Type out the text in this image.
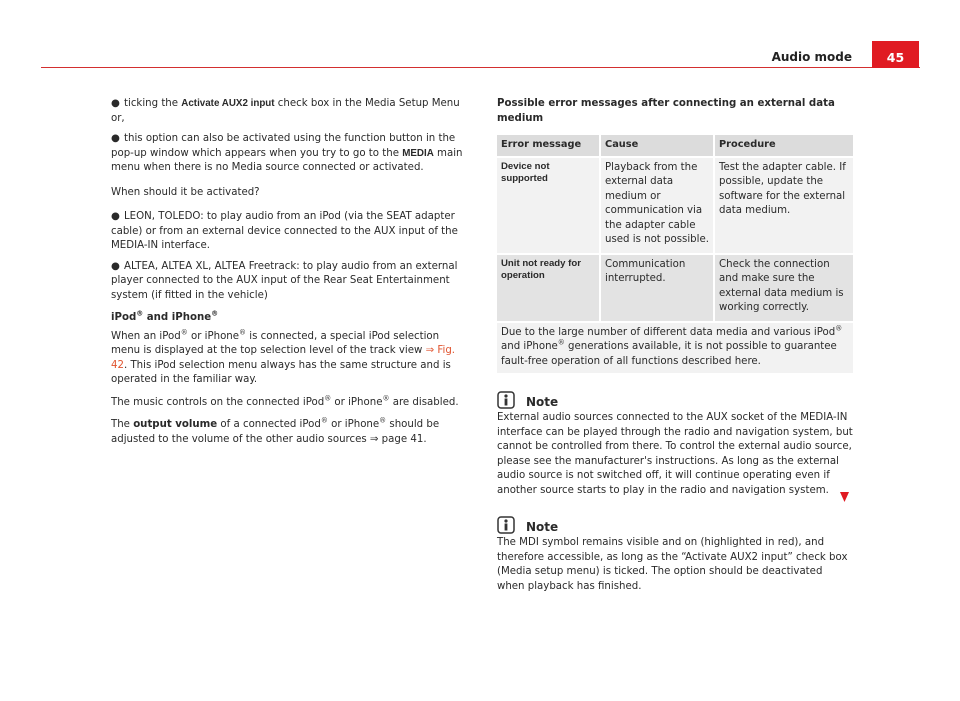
Audio mode	45

● ticking the Activate AUX2 input check box in the Media Setup Menu or,

● this option can also be activated using the function button in the pop-up window which appears when you try to go to the MEDIA main menu when there is no Media source connected or activated.

When should it be activated?

● LEON, TOLEDO: to play audio from an iPod (via the SEAT adapter cable) or from an external device connected to the AUX input of the MEDIA-IN interface.

● ALTEA, ALTEA XL, ALTEA Freetrack: to play audio from an external player connected to the AUX input of the Rear Seat Entertainment system (if fitted in the vehicle)

iPod® and iPhone®

When an iPod® or iPhone® is connected, a special iPod selection menu is displayed at the top selection level of the track view ⇒ Fig. 42. This iPod selection menu always has the same structure and is operated in the familiar way.

The music controls on the connected iPod® or iPhone® are disabled.

The output volume of a connected iPod® or iPhone® should be adjusted to the volume of the other audio sources ⇒ page 41.

Possible error messages after connecting an external data medium

Error message	Cause	Procedure
Device not supported	Playback from the external data medium or communication via the adapter cable used is not possible.	Test the adapter cable. If possible, update the software for the external data medium.
Unit not ready for operation	Communication interrupted.	Check the connection and make sure the external data medium is working correctly.
Due to the large number of different data media and various iPod® and iPhone® generations available, it is not possible to guarantee fault-free operation of all functions described here.
Note

External audio sources connected to the AUX socket of the MEDIA-IN interface can be played through the radio and navigation system, but cannot be controlled from there. To control the external audio source, please see the manufacturer's instructions. As long as the external audio source is not switched off, it will continue operating even if another source starts to play in the radio and navigation system.

Note

The MDI symbol remains visible and on (highlighted in red), and therefore accessible, as long as the “Activate AUX2 input” check box (Media setup menu) is ticked. The option should be deactivated when playback has finished.
